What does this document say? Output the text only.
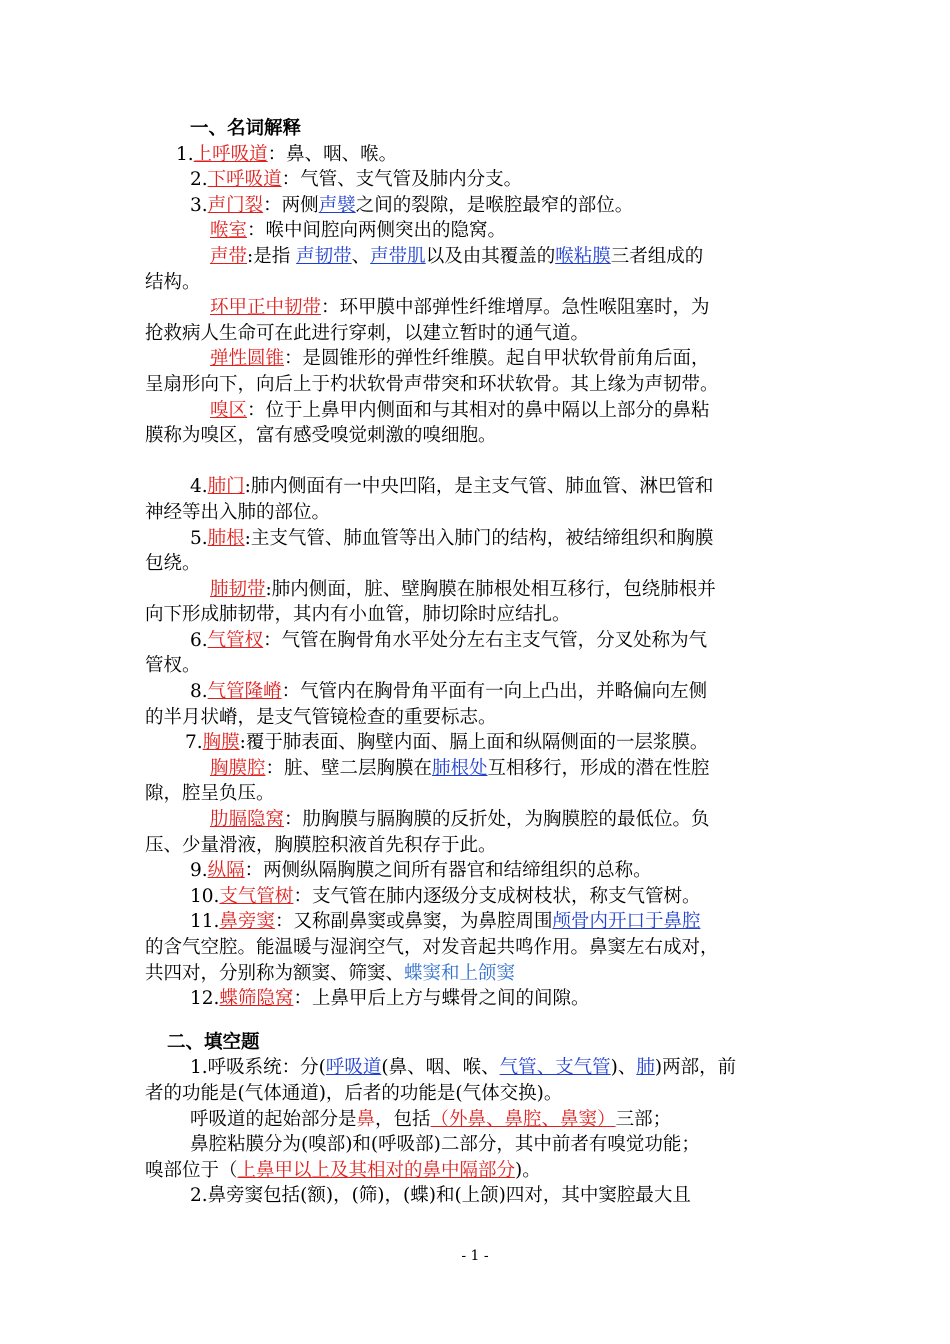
一、名词解释
1.上呼吸道：鼻、咽、喉。
2.下呼吸道：气管、支气管及肺内分支。
3.声门裂：两侧声襞之间的裂隙，是喉腔最窄的部位。
喉室：喉中间腔向两侧突出的隐窝。
声带:是指 声韧带、声带肌以及由其覆盖的喉粘膜三者组成的
结构。
环甲正中韧带：环甲膜中部弹性纤维增厚。急性喉阻塞时，为
抢救病人生命可在此进行穿刺，以建立暂时的通气道。
弹性圆锥：是圆锥形的弹性纤维膜。起自甲状软骨前角后面，
呈扇形向下，向后上于杓状软骨声带突和环状软骨。其上缘为声韧带。
嗅区：位于上鼻甲内侧面和与其相对的鼻中隔以上部分的鼻粘
膜称为嗅区，富有感受嗅觉刺激的嗅细胞。
4.肺门:肺内侧面有一中央凹陷，是主支气管、肺血管、淋巴管和
神经等出入肺的部位。
5.肺根:主支气管、肺血管等出入肺门的结构，被结缔组织和胸膜
包绕。
肺韧带:肺内侧面，脏、壁胸膜在肺根处相互移行，包绕肺根并
向下形成肺韧带，其内有小血管，肺切除时应结扎。
6.气管杈：气管在胸骨角水平处分左右主支气管，分叉处称为气
管杈。
8.气管隆嵴：气管内在胸骨角平面有一向上凸出，并略偏向左侧
的半月状嵴，是支气管镜检查的重要标志。
7.胸膜:覆于肺表面、胸壁内面、膈上面和纵隔侧面的一层浆膜。
胸膜腔：脏、壁二层胸膜在肺根处互相移行，形成的潜在性腔
隙，腔呈负压。
肋膈隐窝：肋胸膜与膈胸膜的反折处，为胸膜腔的最低位。负
压、少量滑液，胸膜腔积液首先积存于此。
9.纵隔：两侧纵隔胸膜之间所有器官和结缔组织的总称。
10.支气管树：支气管在肺内逐级分支成树枝状，称支气管树。
11.鼻旁窦：又称副鼻窦或鼻窦，为鼻腔周围颅骨内开口于鼻腔
的含气空腔。能温暖与湿润空气，对发音起共鸣作用。鼻窦左右成对，
共四对，分别称为额窦、筛窦、蝶窦和上颌窦
12.蝶筛隐窝：上鼻甲后上方与蝶骨之间的间隙。
二、填空题
1.呼吸系统：分(呼吸道(鼻、咽、喉、气管、支气管)、肺)两部，前
者的功能是(气体通道)，后者的功能是(气体交换)。
呼吸道的起始部分是鼻，包括（外鼻、鼻腔、鼻窦）三部；
鼻腔粘膜分为(嗅部)和(呼吸部)二部分，其中前者有嗅觉功能；
嗅部位于（上鼻甲以上及其相对的鼻中隔部分)。
2.鼻旁窦包括(额)，(筛)，(蝶)和(上颌)四对，其中窦腔最大且
- 1 -
